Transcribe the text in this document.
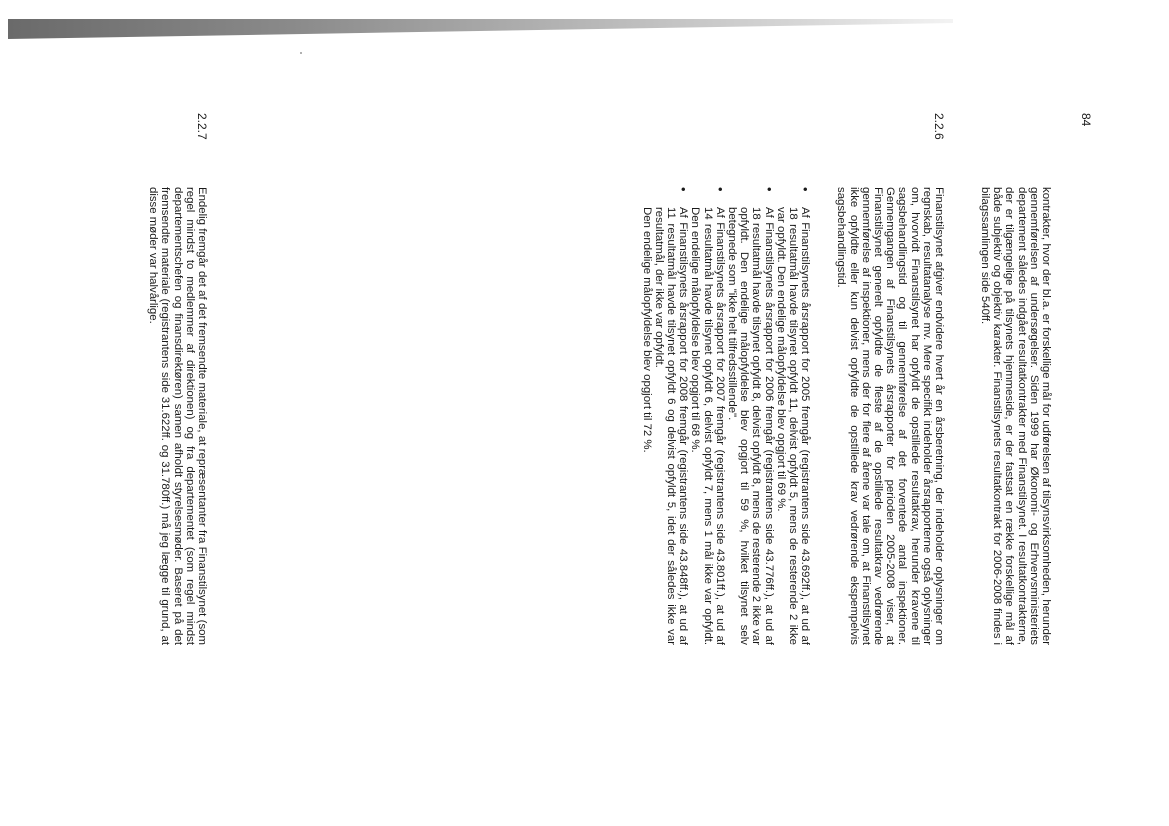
84

kontrakter, hvor der bl.a. er forskellige mål for udførelsen af tilsynsvirksomheden, herunder gennemførelsen af undersøgelser. Siden 1999 har Økonomi- og Erhvervsministeriets departement således indgået resultatkontrakter med Finanstilsynet. I resultatkontrakterne, der er tilgængelige på tilsynets hjemmeside, er der fastsat en række forskellige mål af både subjektiv og objektiv karakter. Finanstilsynets resultatkontrakt for 2006-2008 findes i bilagssamlingen side 540ff.

2.2.6

Finanstilsynet afgiver endvidere hvert år en årsberetning, der indeholder oplysninger om regnskab, resultatanalyse mv. Mere specifikt indeholder årsrapporterne også oplysninger om, hvorvidt Finanstilsynet har opfyldt de opstillede resultatkrav, herunder kravene til sagsbehandlingstid og til gennemførelse af det forventede antal inspektioner. Gennemgangen af Finanstilsynets årsrapporter for perioden 2005-2008 viser, at Finanstilsynet generelt opfyldte de fleste af de opstillede resultatkrav vedrørende gennemførelse af inspektioner, mens der for flere af årene var tale om, at Finanstilsynet ikke opfyldte eller kun delvist opfyldte de opstillede krav vedrørende ekspempelvis sagsbehandlingstid.

• Af Finanstilsynets årsrapport for 2005 fremgår (registrantens side 43.692ff.), at ud af 18 resultatmål havde tilsynet opfyldt 11, delvist opfyldt 5, mens de resterende 2 ikke var opfyldt. Den endelige målopfyldelse blev opgjort til 69 %.
• Af Finanstilsynets årsrapport for 2006 fremgår (registrantens side 43.776ff.), at ud af 18 resultatmål havde tilsynet opfyldt 8, delvist opfyldt 8, mens de resterende 2 ikke var opfyldt. Den endelige målopfyldelse blev opgjort til 59 %, hvilket tilsynet selv betegnede som "ikke helt tilfredsstillende".
• Af Finanstilsynets årsrapport for 2007 fremgår (registrantens side 43.801ff.), at ud af 14 resultatmål havde tilsynet opfyldt 6, delvist opfyldt 7, mens 1 mål ikke var opfyldt. Den endelige målopfyldelse blev opgjort til 68 %.
• Af Finanstilsynets årsrapport for 2008 fremgår (registrantens side 43.848ff.), at ud af 11 resultatmål havde tilsynet opfyldt 6 og delvist opfyldt 5, idet der således ikke var resultatmål, der ikke var opfyldt.
Den endelige målopfyldelse blev opgjort til 72 %.
2.2.7

Endelig fremgår det af det fremsendte materiale, at repræsentanter fra Finanstilsynet (som regel mindst to medlemmer af direktionen) og fra departementet (som regel mindst departementschefen og finansdirektøren) samen afholdt styrelsesmøder. Baseret på det fremsendte materiale (registrantens side 31.622ff. og 31.780ff.) må jeg lægge til grund, at disse møder var halvårlige.
